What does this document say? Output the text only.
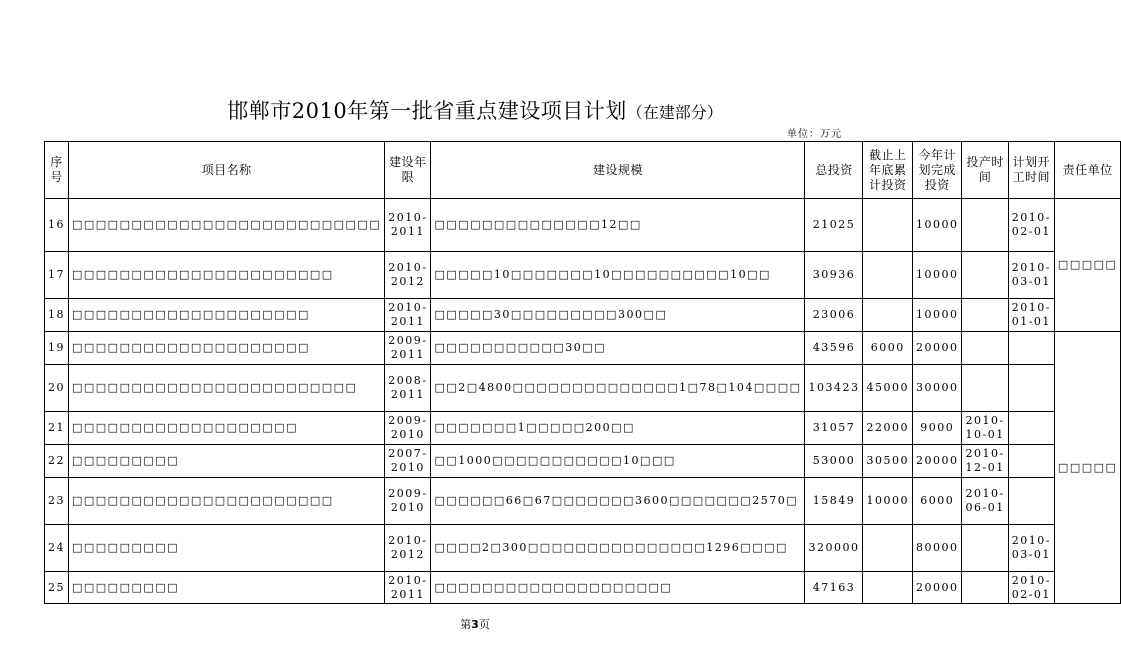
邯郸市2010年第一批省重点建设项目计划（在建部分）
单位：万元
序号	项目名称	建设年限	建设规模	总投资	截止上年底累计投资	今年计划完成投资	投产时间	计划开工时间	责任单位
16	□□□□□□□□□□□□□□□□□□□□□□□□□□	2010-2011	□□□□□□□□□□□□□□12□□	21025		10000		2010-02-01	□□□□□
17	□□□□□□□□□□□□□□□□□□□□□□	2010-2012	□□□□□10□□□□□□□10□□□□□□□□□□10□□	30936		10000		2010-03-01	
18	□□□□□□□□□□□□□□□□□□□□	2010-2011	□□□□□30□□□□□□□□□300□□	23006		10000		2010-01-01	
19	□□□□□□□□□□□□□□□□□□□□	2009-2011	□□□□□□□□□□□30□□	43596	6000	20000			□□□□□
20	□□□□□□□□□□□□□□□□□□□□□□□□	2008-2011	□□2□4800□□□□□□□□□□□□□□1□78□104□□□□	103423	45000	30000			
21	□□□□□□□□□□□□□□□□□□□	2009-2010	□□□□□□□1□□□□□200□□	31057	22000	9000	2010-10-01		
22	□□□□□□□□□	2007-2010	□□1000□□□□□□□□□□□10□□□	53000	30500	20000	2010-12-01		
23	□□□□□□□□□□□□□□□□□□□□□□	2009-2010	□□□□□□66□67□□□□□□□3600□□□□□□□2570□	15849	10000	6000	2010-06-01		
24	□□□□□□□□□	2010-2012	□□□□2□300□□□□□□□□□□□□□□□1296□□□□	320000		80000		2010-03-01	
25	□□□□□□□□□	2010-2011	□□□□□□□□□□□□□□□□□□□□	47163		20000		2010-02-01	
第3页
